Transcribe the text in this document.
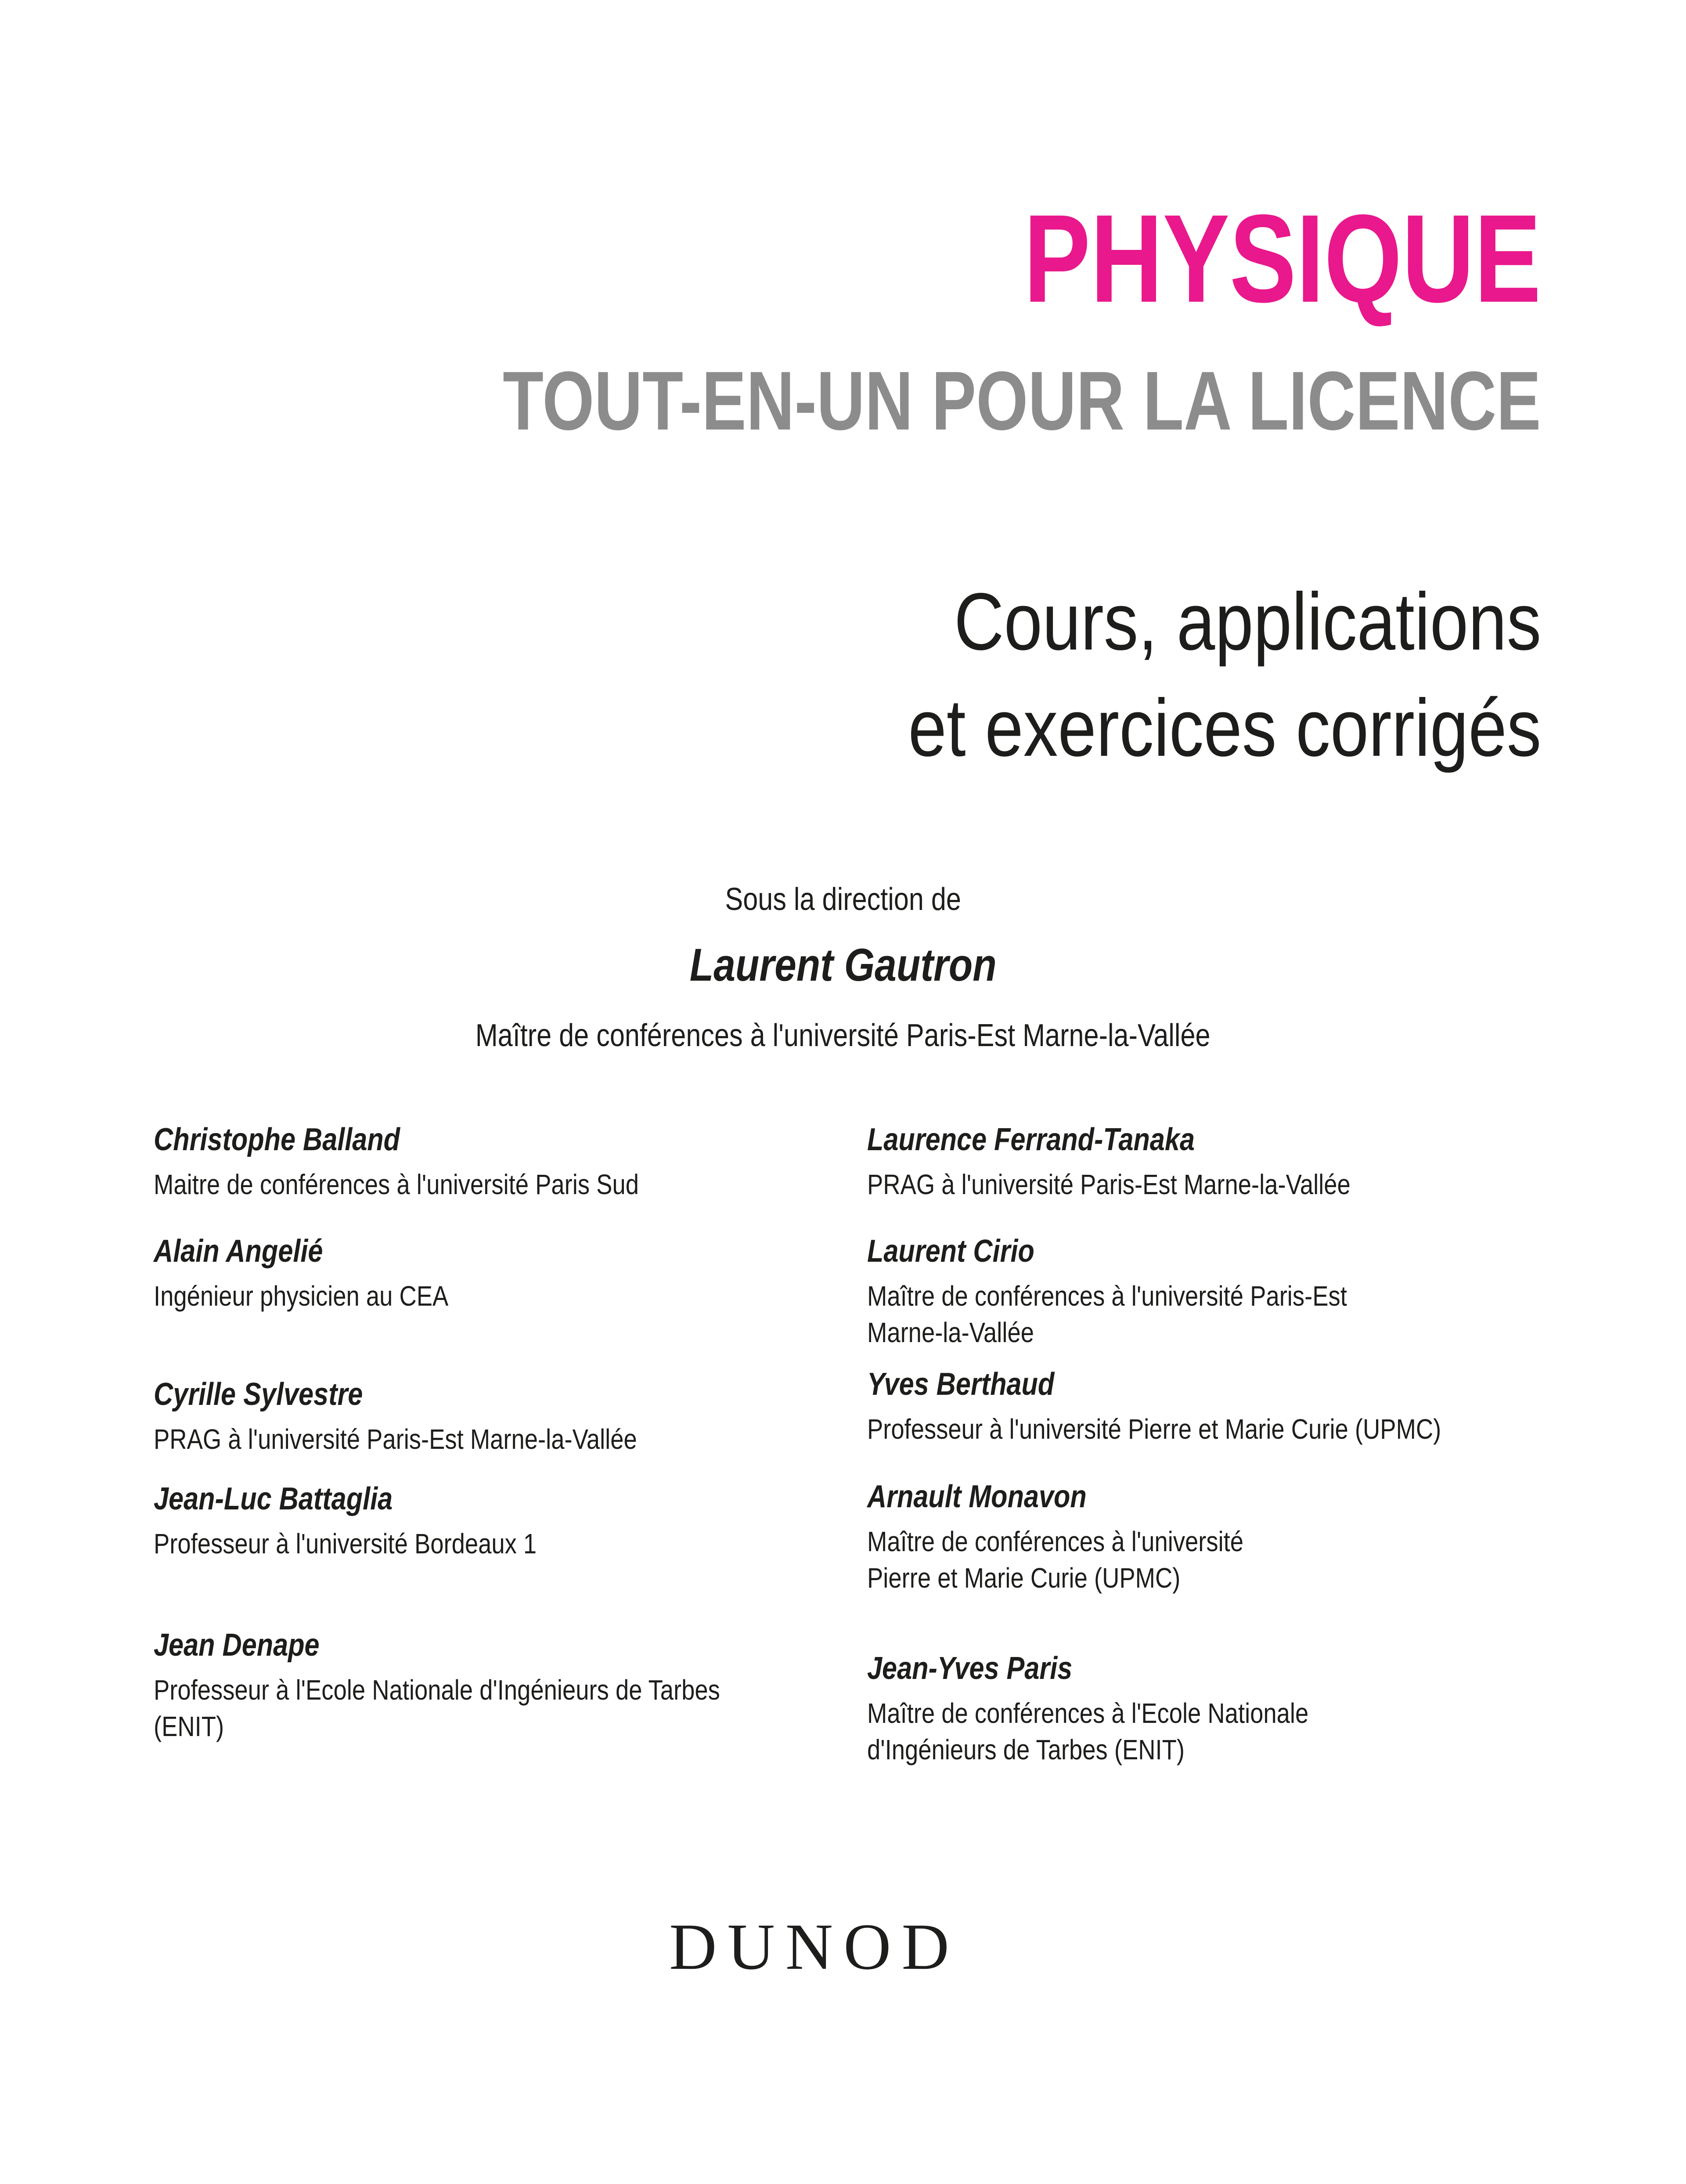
PHYSIQUE
TOUT-EN-UN POUR LA LICENCE
Cours, applications
et exercices corrigés
Sous la direction de
Laurent Gautron
Maître de conférences à l'université Paris-Est Marne-la-Vallée
Christophe Balland
Maitre de conférences à l'université Paris Sud
Alain Angelié
Ingénieur physicien au CEA
Cyrille Sylvestre
PRAG à l'université Paris-Est Marne-la-Vallée
Jean-Luc Battaglia
Professeur à l'université Bordeaux 1
Jean Denape
Professeur à l'Ecole Nationale d'Ingénieurs de Tarbes
(ENIT)
Laurence Ferrand-Tanaka
PRAG à l'université Paris-Est Marne-la-Vallée
Laurent Cirio
Maître de conférences à l'université Paris-Est
Marne-la-Vallée
Yves Berthaud
Professeur à l'université Pierre et Marie Curie (UPMC)
Arnault Monavon
Maître de conférences à l'université
Pierre et Marie Curie (UPMC)
Jean-Yves Paris
Maître de conférences à l'Ecole Nationale
d'Ingénieurs de Tarbes (ENIT)
DUNOD
